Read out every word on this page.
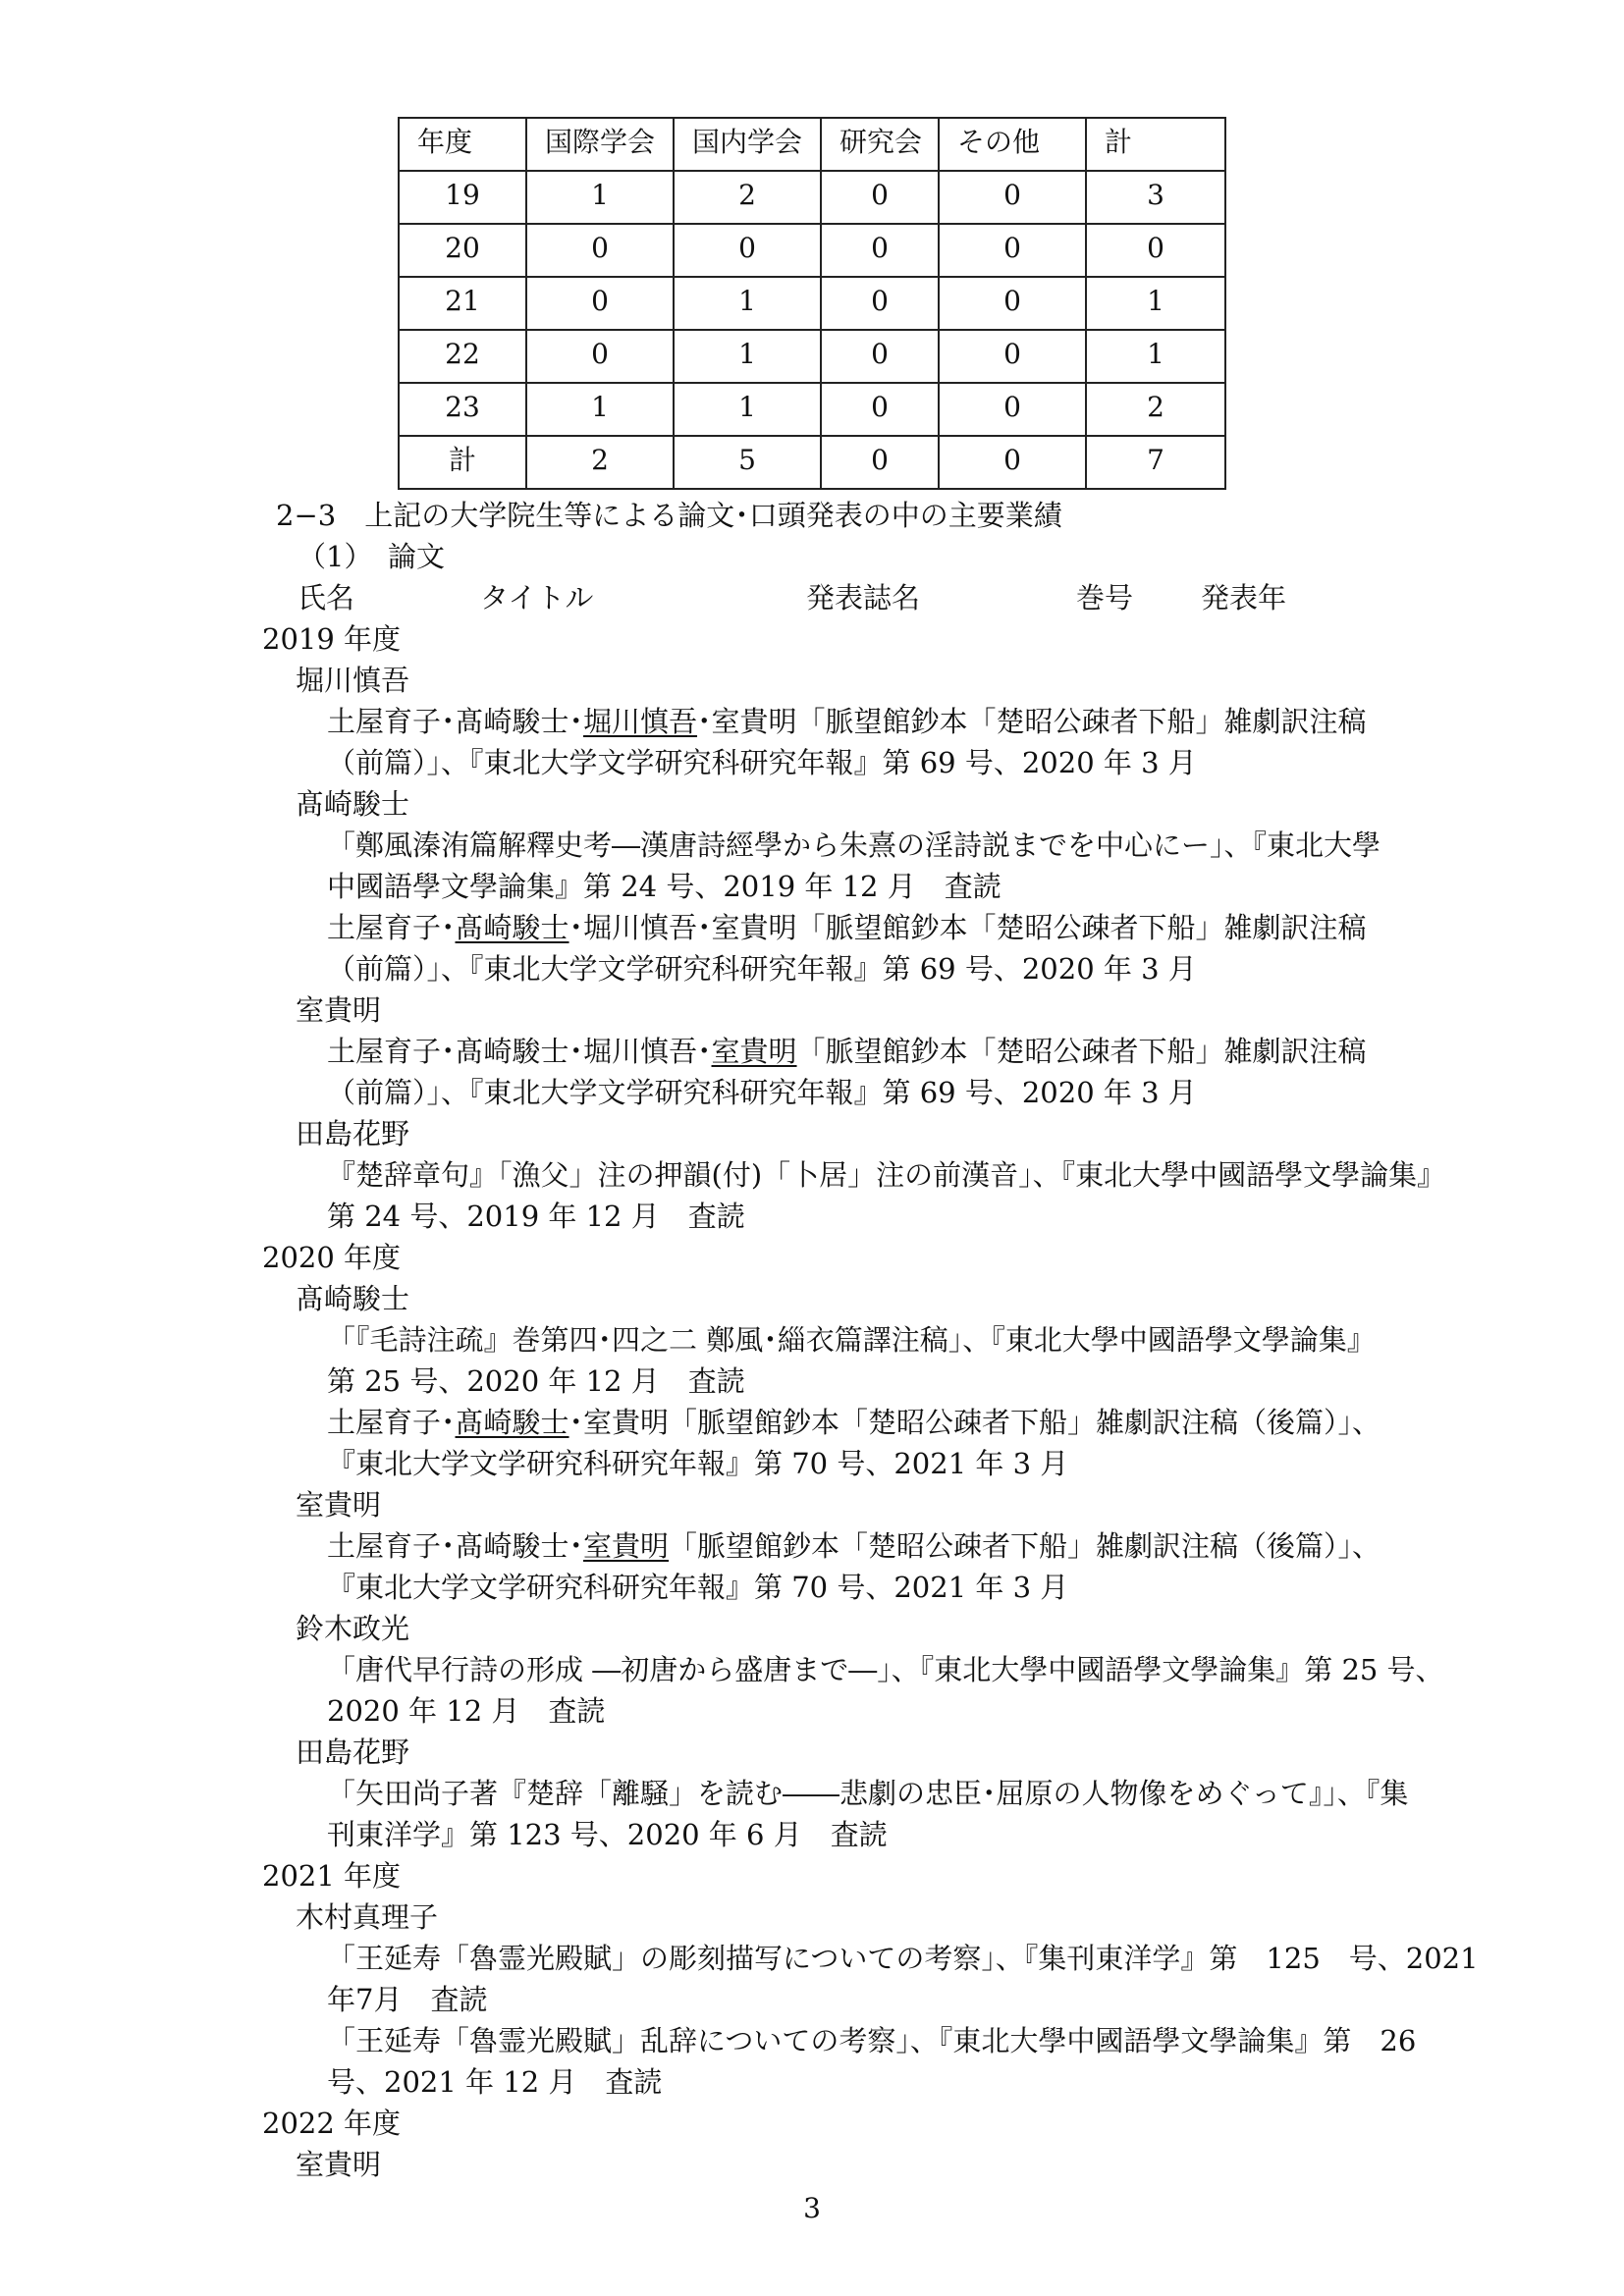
年度	国際学会	国内学会	研究会	その他	計
19	1	2	0	0	3
20	0	0	0	0	0
21	0	1	0	0	1
22	0	1	0	0	1
23	1	1	0	0	2
計	2	5	0	0	7
2−3　上記の大学院生等による論文･口頭発表の中の主要業績
（1） 論文
氏名	タイトル	発表誌名	巻号 発表年
2019 年度
堀川慎吾
土屋育子･髙崎駿士･堀川慎吾･室貴明「脈望館鈔本「楚昭公疎者下船」雑劇訳注稿
（前篇）」、『東北大学文学研究科研究年報』第 69 号、2020 年 3 月
髙崎駿士
「鄭風溱洧篇解釋史考―漢唐詩經學から朱熹の淫詩説までを中心にー」、『東北大學
中國語學文學論集』第 24 号、2019 年 12 月　査読
土屋育子･髙崎駿士･堀川慎吾･室貴明「脈望館鈔本「楚昭公疎者下船」雑劇訳注稿
（前篇）」、『東北大学文学研究科研究年報』第 69 号、2020 年 3 月
室貴明
土屋育子･髙崎駿士･堀川慎吾･室貴明「脈望館鈔本「楚昭公疎者下船」雑劇訳注稿
（前篇）」、『東北大学文学研究科研究年報』第 69 号、2020 年 3 月
田島花野
『楚辞章句』「漁父」注の押韻(付)「卜居」注の前漢音」、『東北大學中國語學文學論集』
第 24 号、2019 年 12 月　査読
2020 年度
髙崎駿士
「『毛詩注疏』巻第四･四之二 鄭風･緇衣篇譯注稿」、『東北大學中國語學文學論集』
第 25 号、2020 年 12 月　査読
土屋育子･髙崎駿士･室貴明「脈望館鈔本「楚昭公疎者下船」雑劇訳注稿（後篇）」、
『東北大学文学研究科研究年報』第 70 号、2021 年 3 月
室貴明
土屋育子･髙崎駿士･室貴明「脈望館鈔本「楚昭公疎者下船」雑劇訳注稿（後篇）」、
『東北大学文学研究科研究年報』第 70 号、2021 年 3 月
鈴木政光
「唐代早行詩の形成 ―初唐から盛唐まで―」、『東北大學中國語學文學論集』第 25 号、
2020 年 12 月　査読
田島花野
「矢田尚子著『楚辞「離騒」を読む――悲劇の忠臣･屈原の人物像をめぐって』」、『集
刊東洋学』第 123 号、2020 年 6 月　査読
2021 年度
木村真理子
「王延寿「魯霊光殿賦」の彫刻描写についての考察」、『集刊東洋学』第　125　号、2021
年7月　査読
「王延寿「魯霊光殿賦」乱辞についての考察」、『東北大學中國語學文學論集』第　26
号、2021 年 12 月　査読
2022 年度
室貴明
3
